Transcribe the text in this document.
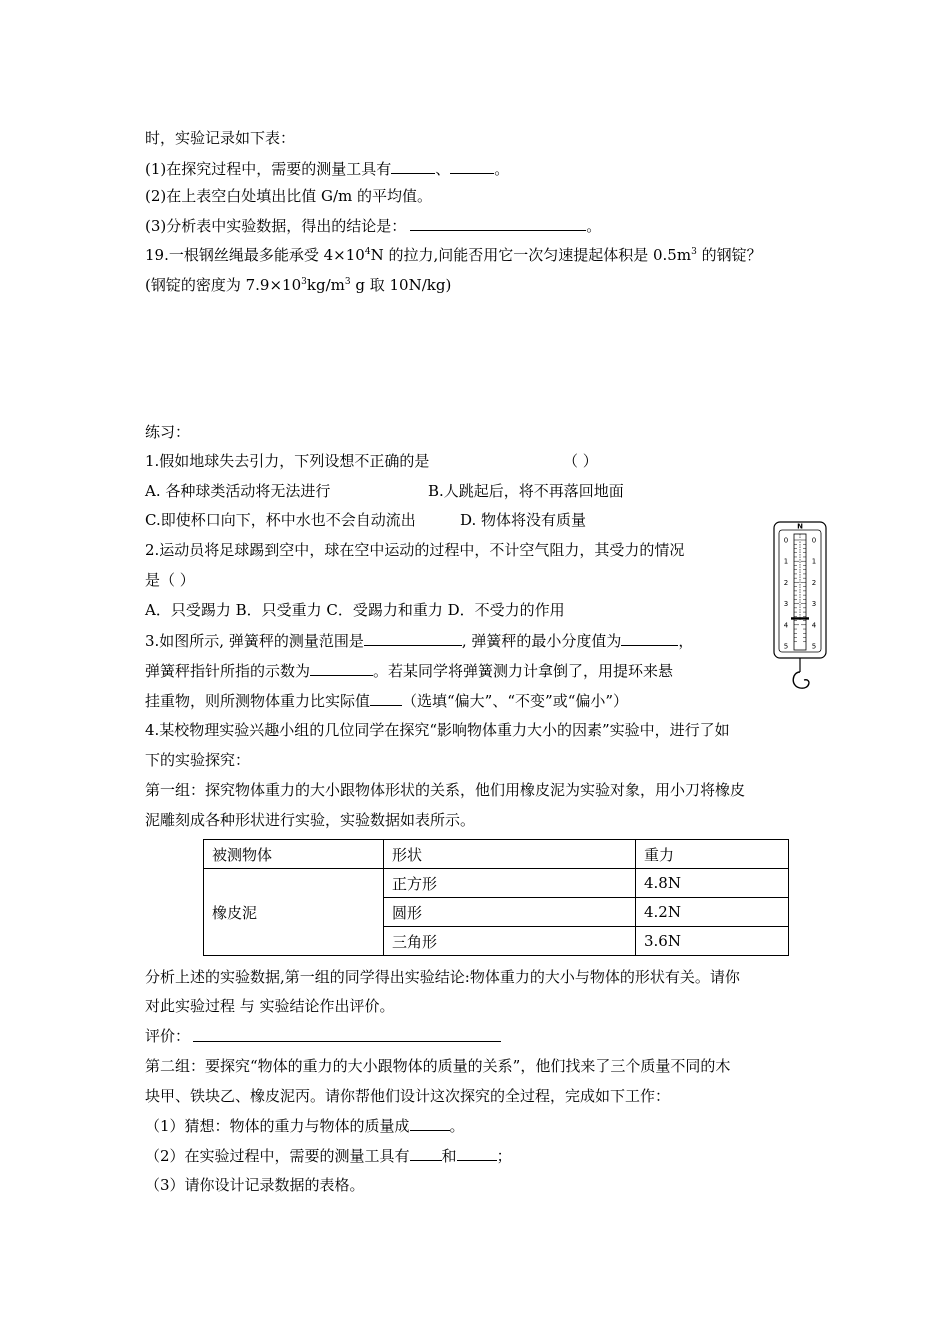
时，实验记录如下表：
(1)在探究过程中，需要的测量工具有	、	。
(2)在上表空白处填出比值 G/m 的平均值。
(3)分析表中实验数据，得出的结论是：	。
19.一根钢丝绳最多能承受 $4\times 10^4N$ 的拉力,问能否用它一次匀速提起体积是 $0.5m^3$ 的钢锭？
(钢锭的密度为 $7.9\times 10^3kg/m^3$ g 取 10N/kg)
练习：
1.假如地球失去引力，下列设想不正确的是	（ ）
A. 各种球类活动将无法进行	B.人跳起后，将不再落回地面
C.即使杯口向下，杯中水也不会自动流出	D. 物体将没有质量
2.运动员将足球踢到空中，球在空中运动的过程中，不计空气阻力，其受力的情况
是（ ）
A．只受踢力 B．只受重力 C．受踢力和重力 D．不受力的作用
3.如图所示, 弹簧秤的测量范围是	, 弹簧秤的最小分度值为	，
弹簧秤指针所指的示数为	。若某同学将弹簧测力计拿倒了，用提环来悬
挂重物，则所测物体重力比实际值 （选填“偏大”、“不变”或“偏小”）
4.某校物理实验兴趣小组的几位同学在探究“影响物体重力大小的因素”实验中，进行了如
下的实验探究：
第一组：探究物体重力的大小跟物体形状的关系，他们用橡皮泥为实验对象，用小刀将橡皮
泥雕刻成各种形状进行实验，实验数据如表所示。
被测物体	形状	重力
橡皮泥	正方形	4.8N
	圆形	4.2N
	三角形	3.6N
分析上述的实验数据,第一组的同学得出实验结论:物体重力的大小与物体的形状有关。请你
对此实验过程 与 实验结论作出评价。
评价：
第二组：要探究“物体的重力的大小跟物体的质量的关系”，他们找来了三个质量不同的木
块甲、铁块乙、橡皮泥丙。请你帮他们设计这次探究的全过程，完成如下工作：
（1）猜想：物体的重力与物体的质量成	。
（2）在实验过程中，需要的测量工具有 和	；
（3）请你设计记录数据的表格。
N
0	0
1	1
2	2
3	3
4	4
5	5
